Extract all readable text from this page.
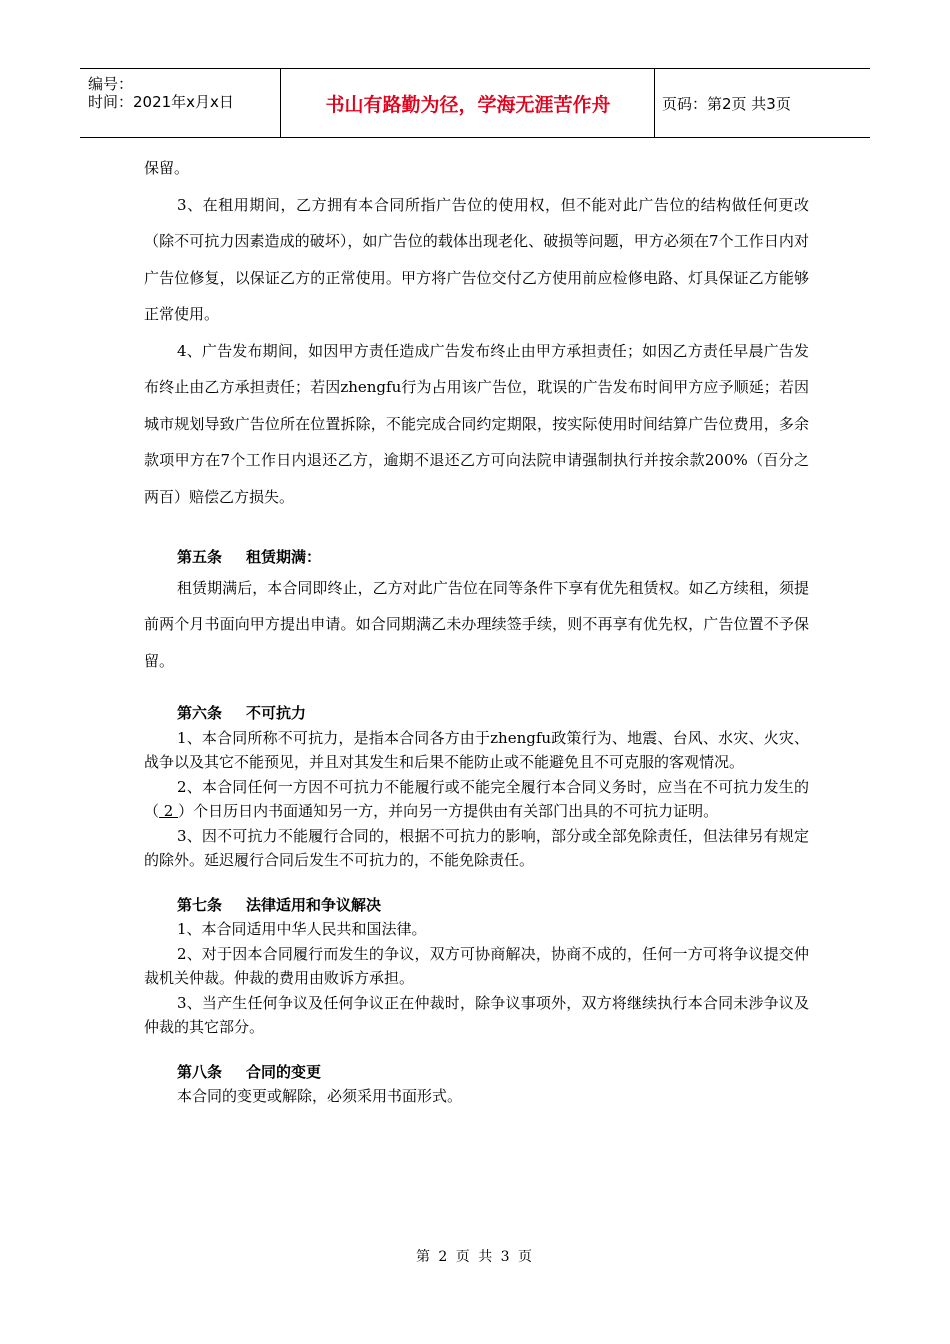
编号：
时间：2021年x月x日	书山有路勤为径，学海无涯苦作舟	页码：第2页 共3页

保留。

3、在租用期间，乙方拥有本合同所指广告位的使用权，但不能对此广告位的结构做任何更改（除不可抗力因素造成的破坏），如广告位的载体出现老化、破损等问题，甲方必须在7个工作日内对广告位修复，以保证乙方的正常使用。甲方将广告位交付乙方使用前应检修电路、灯具保证乙方能够正常使用。

4、广告发布期间，如因甲方责任造成广告发布终止由甲方承担责任；如因乙方责任早晨广告发布终止由乙方承担责任；若因zhengfu行为占用该广告位，耽误的广告发布时间甲方应予顺延；若因城市规划导致广告位所在位置拆除，不能完成合同约定期限，按实际使用时间结算广告位费用，多余款项甲方在7个工作日内退还乙方，逾期不退还乙方可向法院申请强制执行并按余款200%（百分之两百）赔偿乙方损失。

第五条 租赁期满：

租赁期满后，本合同即终止，乙方对此广告位在同等条件下享有优先租赁权。如乙方续租，须提前两个月书面向甲方提出申请。如合同期满乙未办理续签手续，则不再享有优先权，广告位置不予保留。

第六条 不可抗力

1、本合同所称不可抗力，是指本合同各方由于zhengfu政策行为、地震、台风、水灾、火灾、战争以及其它不能预见，并且对其发生和后果不能防止或不能避免且不可克服的客观情况。

2、本合同任何一方因不可抗力不能履行或不能完全履行本合同义务时，应当在不可抗力发生的（ 2 ）个日历日内书面通知另一方，并向另一方提供由有关部门出具的不可抗力证明。

3、因不可抗力不能履行合同的，根据不可抗力的影响，部分或全部免除责任，但法律另有规定的除外。延迟履行合同后发生不可抗力的，不能免除责任。

第七条 法律适用和争议解决

1、本合同适用中华人民共和国法律。

2、对于因本合同履行而发生的争议，双方可协商解决，协商不成的，任何一方可将争议提交仲裁机关仲裁。仲裁的费用由败诉方承担。

3、当产生任何争议及任何争议正在仲裁时，除争议事项外，双方将继续执行本合同未涉争议及仲裁的其它部分。

第八条 合同的变更

本合同的变更或解除，必须采用书面形式。

第 2 页 共 3 页
